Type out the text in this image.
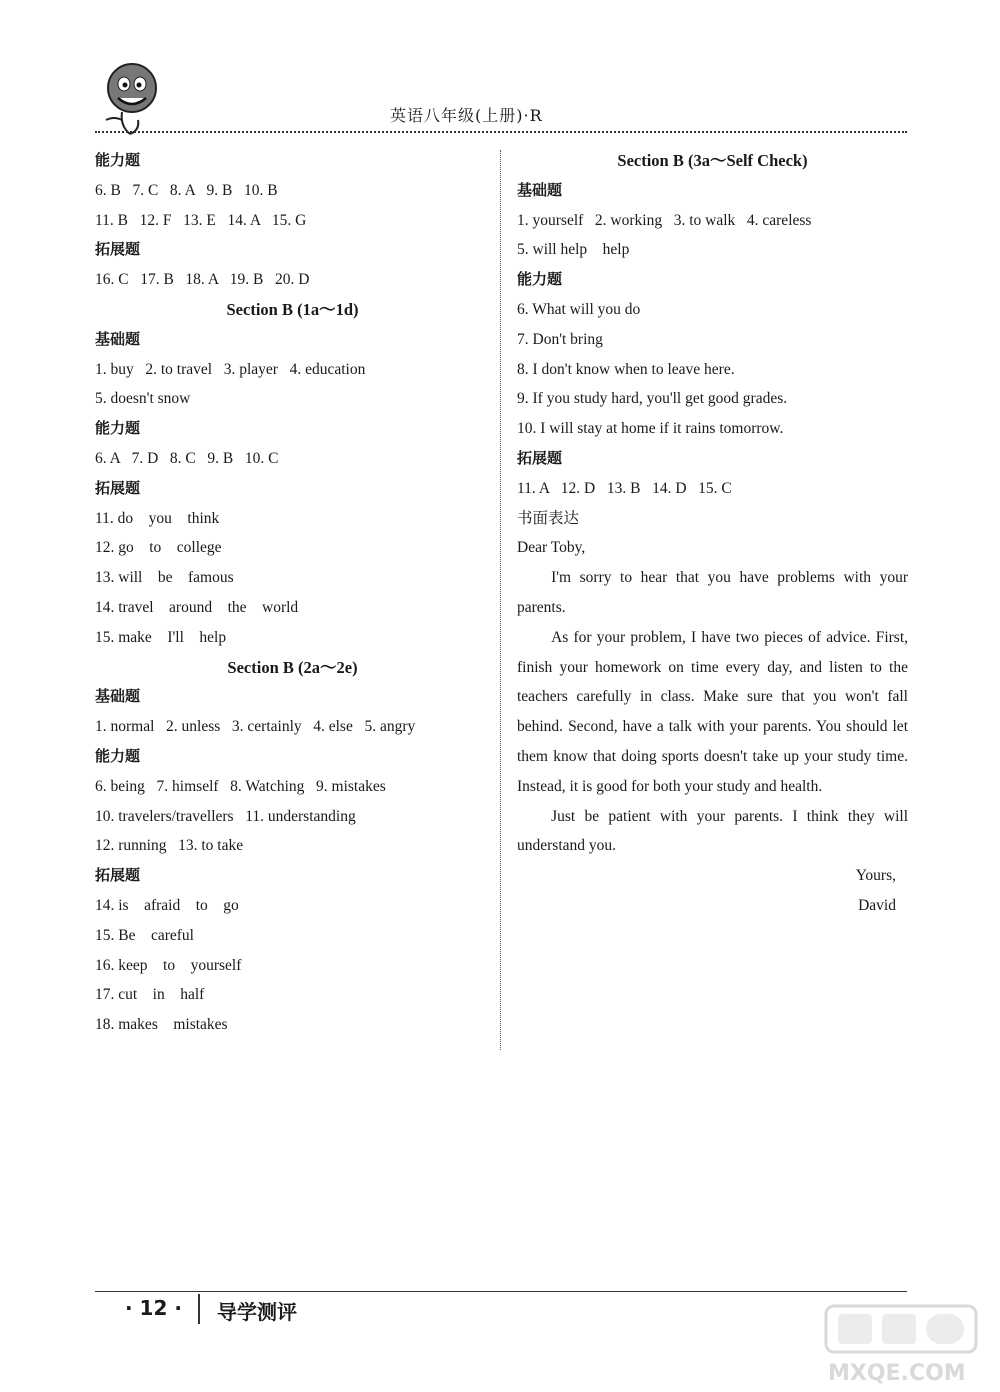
英语八年级(上册)·R
能力题
6. B   7. C   8. A   9. B   10. B
11. B   12. F   13. E   14. A   15. G
拓展题
16. C   17. B   18. A   19. B   20. D
Section B (1a～1d)
基础题
1. buy   2. to travel   3. player   4. education
5. doesn't snow
能力题
6. A   7. D   8. C   9. B   10. C
拓展题
11. do    you    think
12. go    to    college
13. will    be    famous
14. travel    around    the    world
15. make    I'll    help
Section B (2a～2e)
基础题
1. normal   2. unless   3. certainly   4. else   5. angry
能力题
6. being   7. himself   8. Watching   9. mistakes
10. travelers/travellers   11. understanding
12. running   13. to take
拓展题
14. is    afraid    to    go
15. Be    careful
16. keep    to    yourself
17. cut    in    half
18. makes    mistakes
Section B (3a～Self Check)
基础题
1. yourself   2. working   3. to walk   4. careless
5. will help    help
能力题
6. What will you do
7. Don't bring
8. I don't know when to leave here.
9. If you study hard, you'll get good grades.
10. I will stay at home if it rains tomorrow.
拓展题
11. A   12. D   13. B   14. D   15. C
书面表达
Dear Toby,

I'm sorry to hear that you have problems with your parents.

As for your problem, I have two pieces of advice. First, finish your homework on time every day, and listen to the teachers carefully in class. Make sure that you won't fall behind. Second, have a talk with your parents. You should let them know that doing sports doesn't take up your study time. Instead, it is good for both your study and health.

Just be patient with your parents. I think they will understand you.

Yours,
David
· 12 · 导学测评
MXQE.COM
